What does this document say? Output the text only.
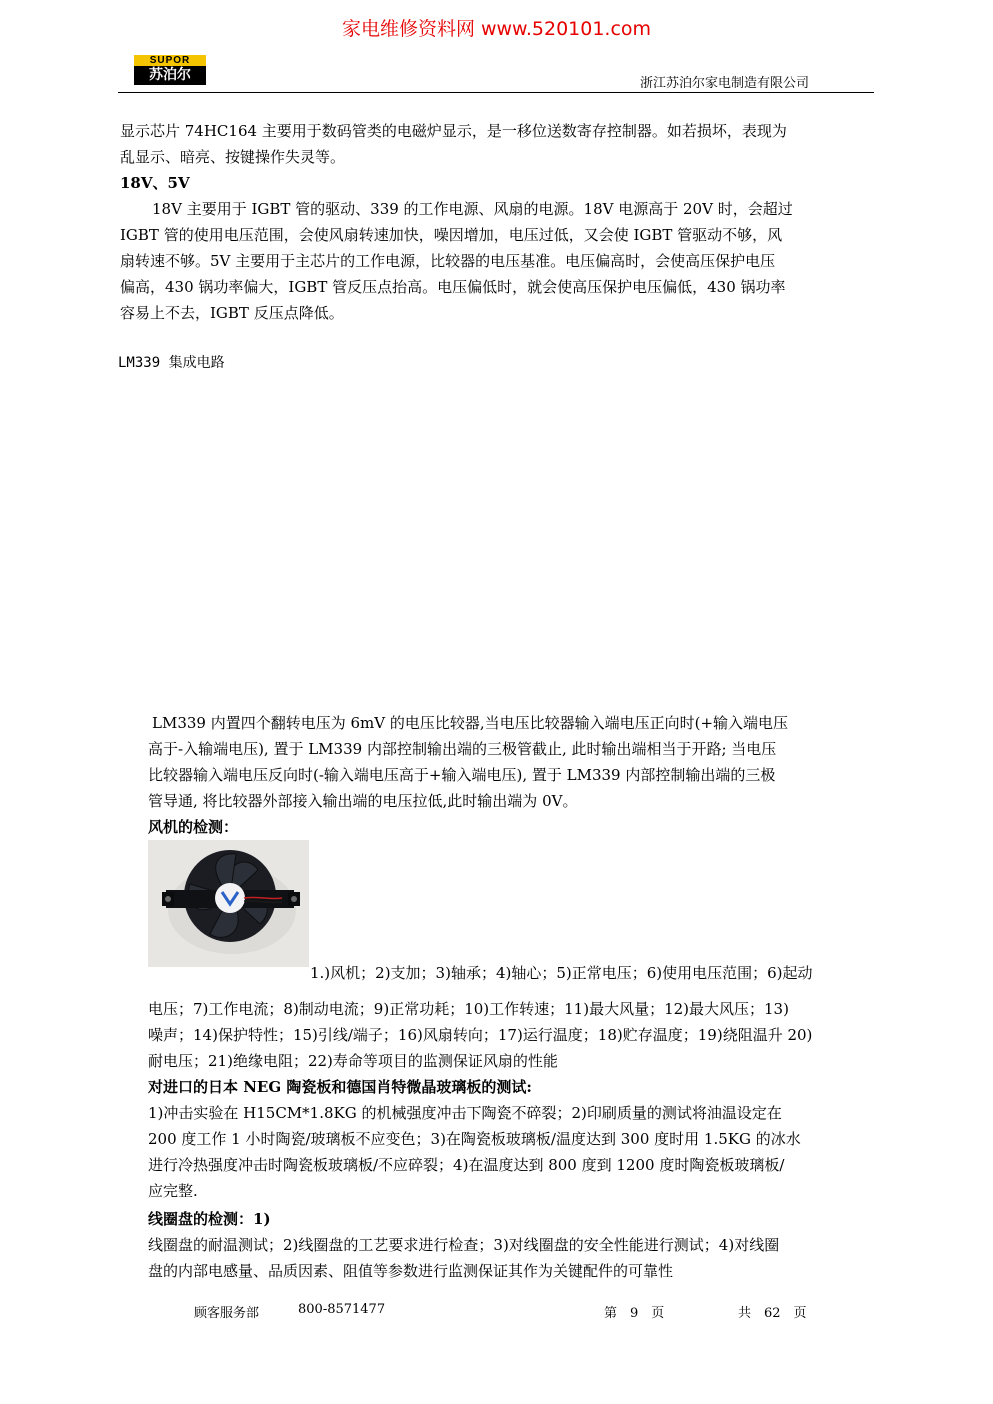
家电维修资料网 www.520101.com
SUPOR
苏泊尔
浙江苏泊尔家电制造有限公司
显示芯片 74HC164 主要用于数码管类的电磁炉显示，是一移位送数寄存控制器。如若损坏，表现为
乱显示、暗亮、按键操作失灵等。
18V、5V
18V 主要用于 IGBT 管的驱动、339 的工作电源、风扇的电源。18V 电源高于 20V 时，会超过
IGBT 管的使用电压范围，会使风扇转速加快，噪因增加，电压过低，又会使 IGBT 管驱动不够，风
扇转速不够。5V 主要用于主芯片的工作电源，比较器的电压基准。电压偏高时，会使高压保护电压
偏高，430 锅功率偏大，IGBT 管反压点抬高。电压偏低时，就会使高压保护电压偏低，430 锅功率
容易上不去，IGBT 反压点降低。
LM339 集成电路
LM339 内置四个翻转电压为 6mV 的电压比较器,当电压比较器输入端电压正向时(+输入端电压
高于-入输端电压), 置于 LM339 内部控制输出端的三极管截止, 此时输出端相当于开路; 当电压
比较器输入端电压反向时(-输入端电压高于+输入端电压), 置于 LM339 内部控制输出端的三极
管导通, 将比较器外部接入输出端的电压拉低,此时输出端为 0V。
风机的检测：
1.)风机；2)支加；3)轴承；4)轴心；5)正常电压；6)使用电压范围；6)起动
电压；7)工作电流；8)制动电流；9)正常功耗；10)工作转速；11)最大风量；12)最大风压；13)
噪声；14)保护特性；15)引线/端子；16)风扇转向；17)运行温度；18)贮存温度；19)绕阻温升 20)
耐电压；21)绝缘电阻；22)寿命等项目的监测保证风扇的性能
对进口的日本 NEG 陶瓷板和德国肖特微晶玻璃板的测试:
1)冲击实验在 H15CM*1.8KG 的机械强度冲击下陶瓷不碎裂；2)印刷质量的测试将油温设定在
200 度工作 1 小时陶瓷/玻璃板不应变色；3)在陶瓷板玻璃板/温度达到 300 度时用 1.5KG 的冰水
进行冷热强度冲击时陶瓷板玻璃板/不应碎裂；4)在温度达到 800 度到 1200 度时陶瓷板玻璃板/
应完整.
线圈盘的检测：1)
线圈盘的耐温测试；2)线圈盘的工艺要求进行检查；3)对线圈盘的安全性能进行测试；4)对线圈
盘的内部电感量、品质因素、阻值等参数进行监测保证其作为关键配件的可靠性
顾客服务部	800-8571477	第　9　页	共　62　页
